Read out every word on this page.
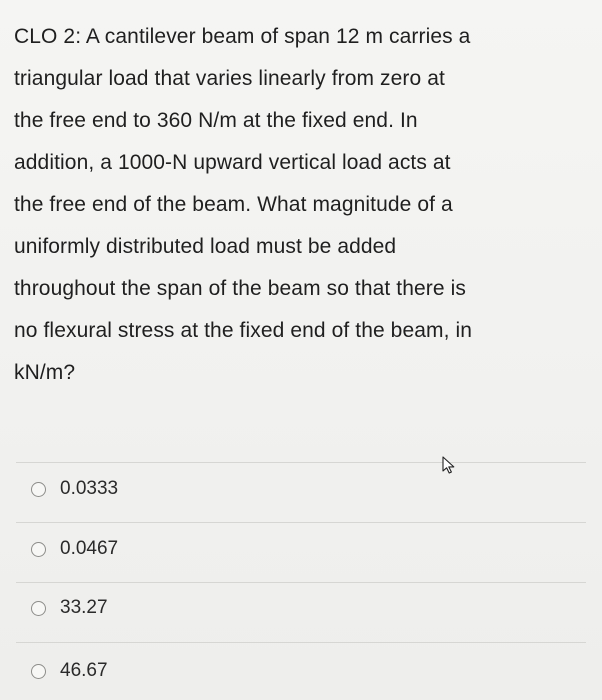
CLO 2: A cantilever beam of span 12 m carries a
triangular load that varies linearly from zero at
the free end to 360 N/m at the fixed end. In
addition, a 1000-N upward vertical load acts at
the free end of the beam. What magnitude of a
uniformly distributed load must be added
throughout the span of the beam so that there is
no flexural stress at the fixed end of the beam, in
kN/m?

0.0333
0.0467
33.27
46.67
